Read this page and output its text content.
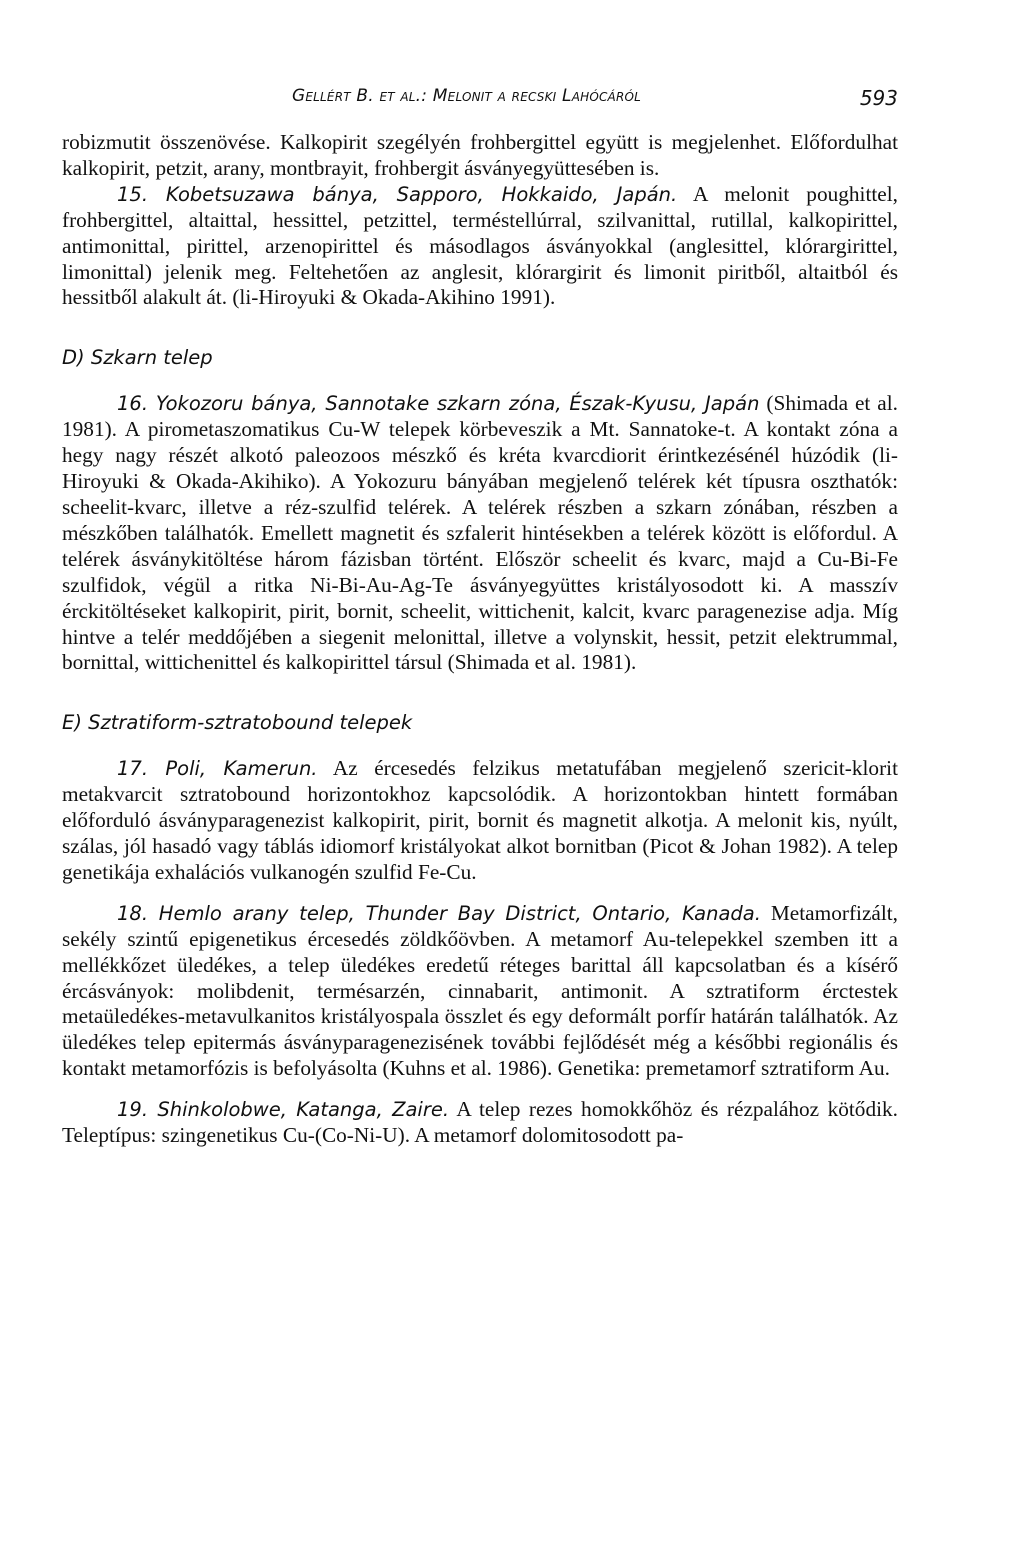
Gellért B. et al.: Melonit a recski Lahócáról	593

robizmutit összenövése. Kalkopirit szegélyén frohbergittel együtt is megjelenhet. Előfordulhat kalkopirit, petzit, arany, montbrayit, frohbergit ásványegyüttesében is.

15. Kobetsuzawa bánya, Sapporo, Hokkaido, Japán. A melonit poughittel, frohbergittel, altaittal, hessittel, petzittel, terméstellúrral, szilvanittal, rutillal, kalkopirittel, antimonittal, pirittel, arzenopirittel és másodlagos ásványokkal (anglesittel, klórargirittel, limonittal) jelenik meg. Feltehetően az anglesit, klórargirit és limonit piritből, altaitból és hessitből alakult át. (li-Hiroyuki & Okada-Akihino 1991).

D) Szkarn telep

16. Yokozoru bánya, Sannotake szkarn zóna, Észak-Kyusu, Japán (Shimada et al. 1981). A pirometaszomatikus Cu-W telepek körbeveszik a Mt. Sannatoke-t. A kontakt zóna a hegy nagy részét alkotó paleozoos mészkő és kréta kvarcdiorit érintkezésénél húzódik (li-Hiroyuki & Okada-Akihiko). A Yokozuru bányában megjelenő telérek két típusra oszthatók: scheelit-kvarc, illetve a réz-szulfid telérek. A telérek részben a szkarn zónában, részben a mészkőben találhatók. Emellett magnetit és szfalerit hintésekben a telérek között is előfordul. A telérek ásványkitöltése három fázisban történt. Először scheelit és kvarc, majd a Cu-Bi-Fe szulfidok, végül a ritka Ni-Bi-Au-Ag-Te ásványegyüttes kristályosodott ki. A masszív érckitöltéseket kalkopirit, pirit, bornit, scheelit, wittichenit, kalcit, kvarc paragenezise adja. Míg hintve a telér meddőjében a siegenit melonittal, illetve a volynskit, hessit, petzit elektrummal, bornittal, wittichenittel és kalkopirittel társul (Shimada et al. 1981).

E) Sztratiform-sztratobound telepek

17. Poli, Kamerun. Az ércesedés felzikus metatufában megjelenő szericit-klorit metakvarcit sztratobound horizontokhoz kapcsolódik. A horizontokban hintett formában előforduló ásványparagenezist kalkopirit, pirit, bornit és magnetit alkotja. A melonit kis, nyúlt, szálas, jól hasadó vagy táblás idiomorf kristályokat alkot bornitban (Picot & Johan 1982). A telep genetikája exhalációs vulkanogén szulfid Fe-Cu.

18. Hemlo arany telep, Thunder Bay District, Ontario, Kanada. Metamorfizált, sekély szintű epigenetikus ércesedés zöldkőövben. A metamorf Au-telepekkel szemben itt a mellékkőzet üledékes, a telep üledékes eredetű réteges barittal áll kapcsolatban és a kísérő ércásványok: molibdenit, termésarzén, cinnabarit, antimonit. A sztratiform érctestek metaüledékes-metavulkanitos kristályospala összlet és egy deformált porfír határán találhatók. Az üledékes telep epitermás ásványparagenezisének további fejlődését még a későbbi regionális és kontakt metamorfózis is befolyásolta (Kuhns et al. 1986). Genetika: premetamorf sztratiform Au.

19. Shinkolobwe, Katanga, Zaire. A telep rezes homokkőhöz és rézpalához kötődik. Teleptípus: szingenetikus Cu-(Co-Ni-U). A metamorf dolomitosodott pa-
